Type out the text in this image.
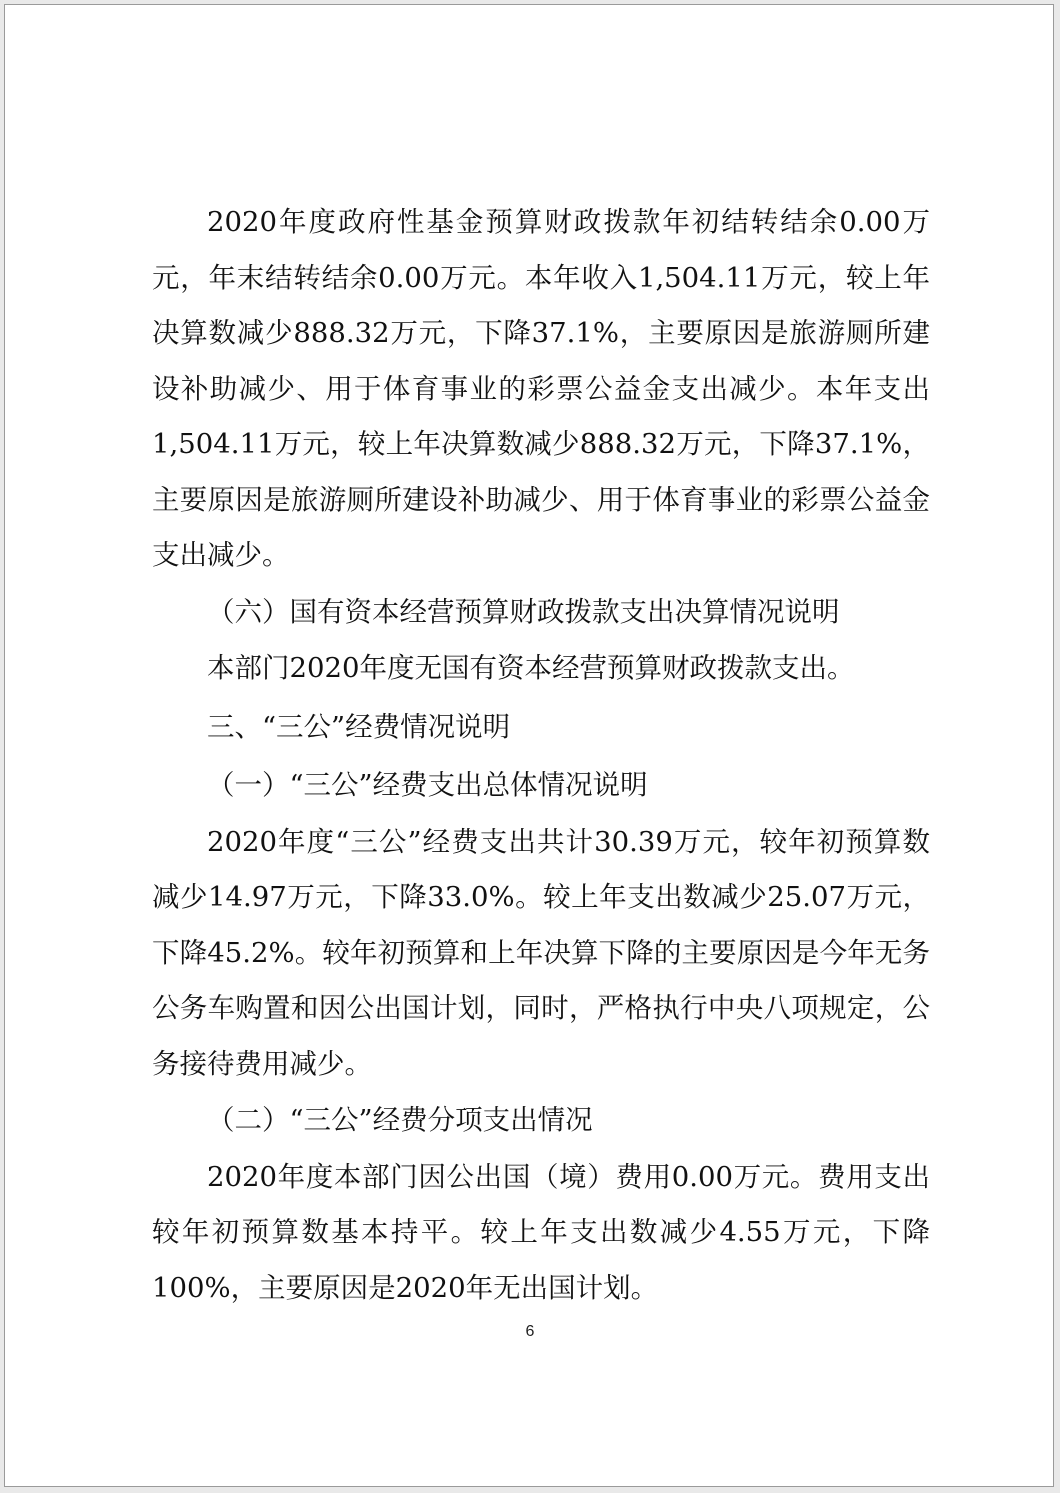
2020年度政府性基金预算财政拨款年初结转结余0.00万元，年末结转结余0.00万元。本年收入1,504.11万元，较上年决算数减少888.32万元，下降37.1%，主要原因是旅游厕所建设补助减少、用于体育事业的彩票公益金支出减少。本年支出1,504.11万元，较上年决算数减少888.32万元，下降37.1%，主要原因是旅游厕所建设补助减少、用于体育事业的彩票公益金支出减少。

（六）国有资本经营预算财政拨款支出决算情况说明

本部门2020年度无国有资本经营预算财政拨款支出。

三、“三公”经费情况说明

（一）“三公”经费支出总体情况说明

2020年度“三公”经费支出共计30.39万元，较年初预算数减少14.97万元，下降33.0%。较上年支出数减少25.07万元，下降45.2%。较年初预算和上年决算下降的主要原因是今年无务公务车购置和因公出国计划，同时，严格执行中央八项规定，公务接待费用减少。

（二）“三公”经费分项支出情况

2020年度本部门因公出国（境）费用0.00万元。费用支出较年初预算数基本持平。较上年支出数减少4.55万元，下降100%，主要原因是2020年无出国计划。

6
